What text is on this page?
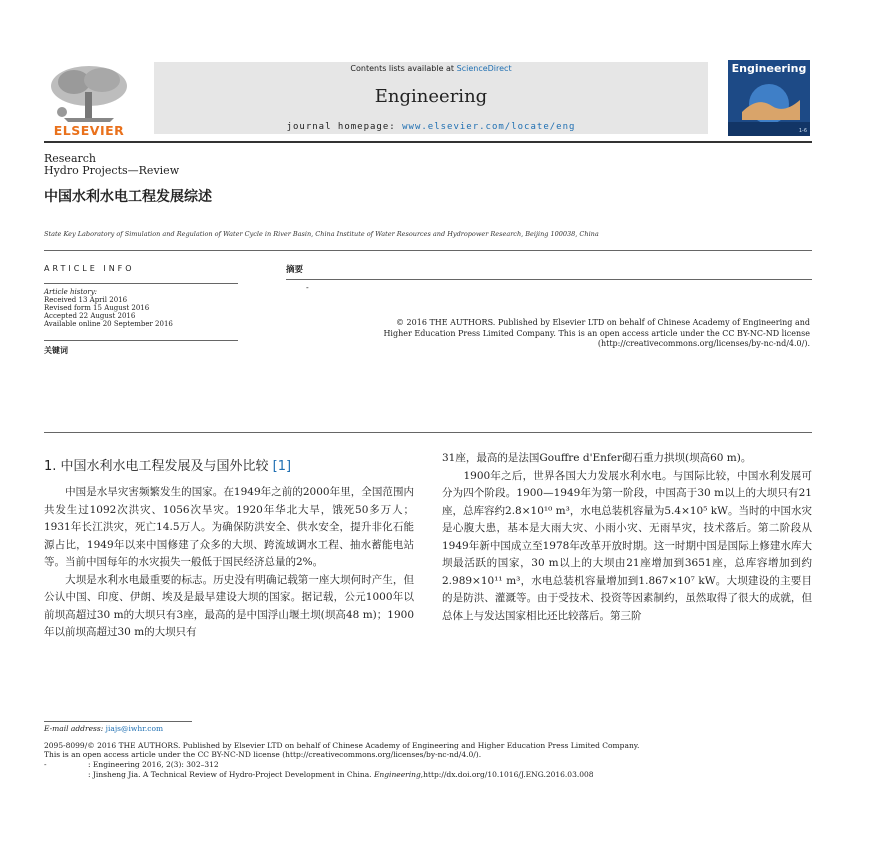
ELSEVIER
Contents lists available at ScienceDirect
Engineering
journal homepage: www.elsevier.com/locate/eng
Engineering
1-6
Research
Hydro Projects—Review
中国水利水电工程发展综述
State Key Laboratory of Simulation and Regulation of Water Cycle in River Basin, China Institute of Water Resources and Hydropower Research, Beijing 100038, China
ARTICLE INFO
Article history:
Received 13 April 2016
Revised form 15 August 2016
Accepted 22 August 2016
Available online 20 September 2016
关键词
摘要
-
© 2016 THE AUTHORS. Published by Elsevier LTD on behalf of Chinese Academy of Engineering and
Higher Education Press Limited Company. This is an open access article under the CC BY-NC-ND license
(http://creativecommons.org/licenses/by-nc-nd/4.0/).
1. 中国水利水电工程发展及与国外比较 [1]
　　中国是水旱灾害频繁发生的国家。在1949年之前的2000年里，全国范围内共发生过1092次洪灾、1056次旱灾。1920年华北大旱，饿死50多万人；1931年长江洪灾，死亡14.5万人。为确保防洪安全、供水安全，提升非化石能源占比，1949年以来中国修建了众多的大坝、跨流域调水工程、抽水蓄能电站等。当前中国每年的水灾损失一般低于国民经济总量的2%。
　　大坝是水利水电最重要的标志。历史没有明确记载第一座大坝何时产生，但公认中国、印度、伊朗、埃及是最早建设大坝的国家。据记载，公元1000年以前坝高超过30 m的大坝只有3座，最高的是中国浮山堰土坝(坝高48 m)；1900年以前坝高超过30 m的大坝只有
31座，最高的是法国Gouffre d'Enfer砌石重力拱坝(坝高60 m)。
　　1900年之后，世界各国大力发展水利水电。与国际比较，中国水利发展可分为四个阶段。1900—1949年为第一阶段，中国高于30 m以上的大坝只有21座，总库容约2.8×10¹⁰ m³，水电总装机容量为5.4×10⁵ kW。当时的中国水灾是心腹大患，基本是大雨大灾、小雨小灾、无雨旱灾，技术落后。第二阶段从1949年新中国成立至1978年改革开放时期。这一时期中国是国际上修建水库大坝最活跃的国家，30 m以上的大坝由21座增加到3651座，总库容增加到约2.989×10¹¹ m³，水电总装机容量增加到1.867×10⁷ kW。大坝建设的主要目的是防洪、灌溉等。由于受技术、投资等因素制约，虽然取得了很大的成就，但总体上与发达国家相比还比较落后。第三阶
E-mail address: jiajs@iwhr.com
2095-8099/© 2016 THE AUTHORS. Published by Elsevier LTD on behalf of Chinese Academy of Engineering and Higher Education Press Limited Company.
This is an open access article under the CC BY-NC-ND license (http://creativecommons.org/licenses/by-nc-nd/4.0/).
-	: Engineering 2016, 2(3): 302–312
: Jinsheng Jia. A Technical Review of Hydro-Project Development in China. Engineering,http://dx.doi.org/10.1016/J.ENG.2016.03.008
